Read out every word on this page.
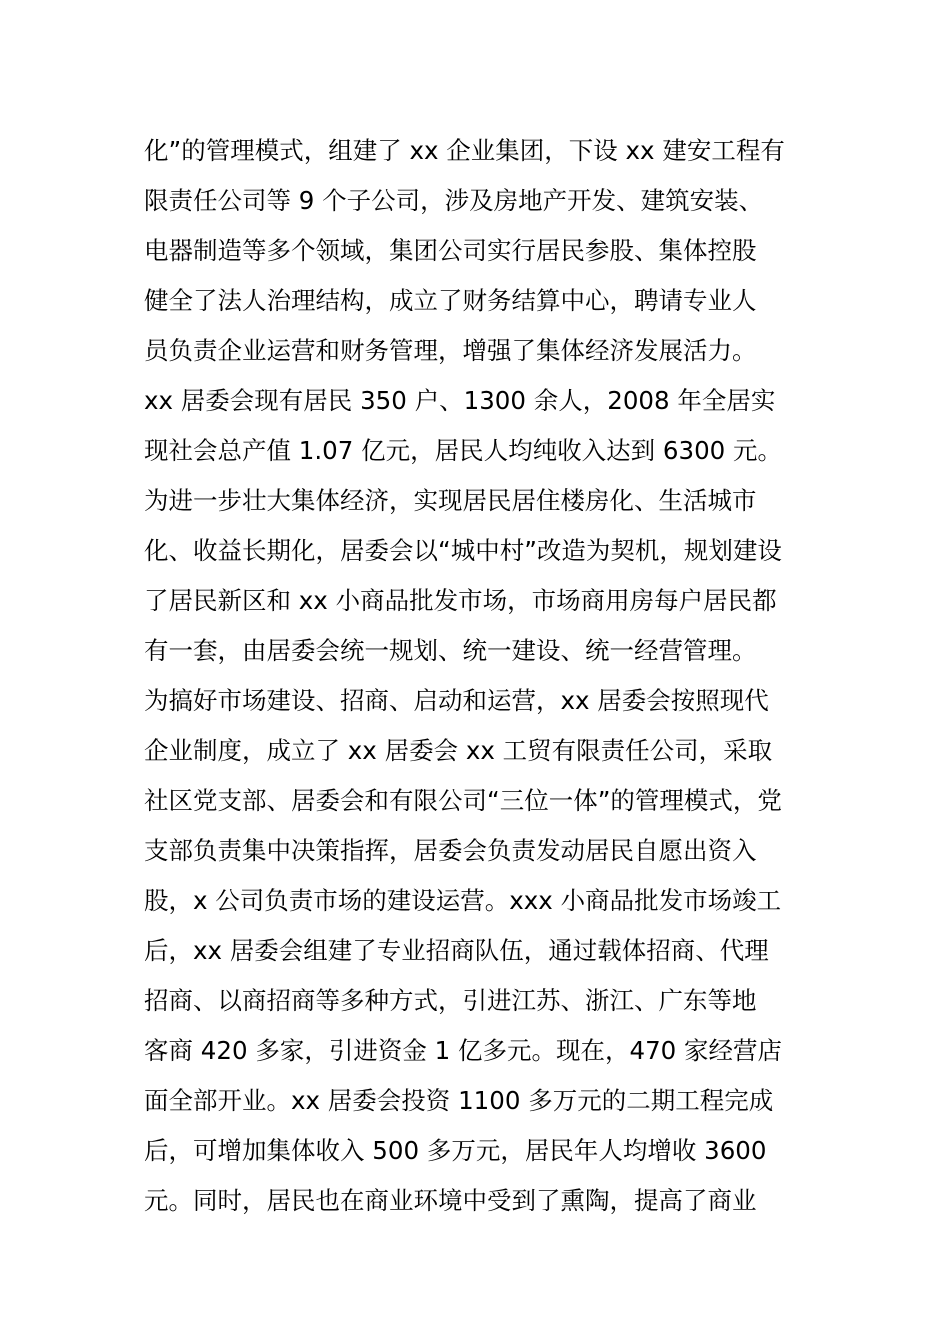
化”的管理模式，组建了 xx 企业集团，下设 xx 建安工程有
限责任公司等 9 个子公司，涉及房地产开发、建筑安装、
电器制造等多个领域，集团公司实行居民参股、集体控股
健全了法人治理结构，成立了财务结算中心，聘请专业人
员负责企业运营和财务管理，增强了集体经济发展活力。
xx 居委会现有居民 350 户、1300 余人，2008 年全居实
现社会总产值 1.07 亿元，居民人均纯收入达到 6300 元。
为进一步壮大集体经济，实现居民居住楼房化、生活城市
化、收益长期化，居委会以“城中村”改造为契机，规划建设
了居民新区和 xx 小商品批发市场，市场商用房每户居民都
有一套，由居委会统一规划、统一建设、统一经营管理。
为搞好市场建设、招商、启动和运营，xx 居委会按照现代
企业制度，成立了 xx 居委会 xx 工贸有限责任公司，采取
社区党支部、居委会和有限公司“三位一体”的管理模式，党
支部负责集中决策指挥，居委会负责发动居民自愿出资入
股，x 公司负责市场的建设运营。xxx 小商品批发市场竣工
后，xx 居委会组建了专业招商队伍，通过载体招商、代理
招商、以商招商等多种方式，引进江苏、浙江、广东等地
客商 420 多家，引进资金 1 亿多元。现在，470 家经营店
面全部开业。xx 居委会投资 1100 多万元的二期工程完成
后，可增加集体收入 500 多万元，居民年人均增收 3600
元。同时，居民也在商业环境中受到了熏陶，提高了商业
